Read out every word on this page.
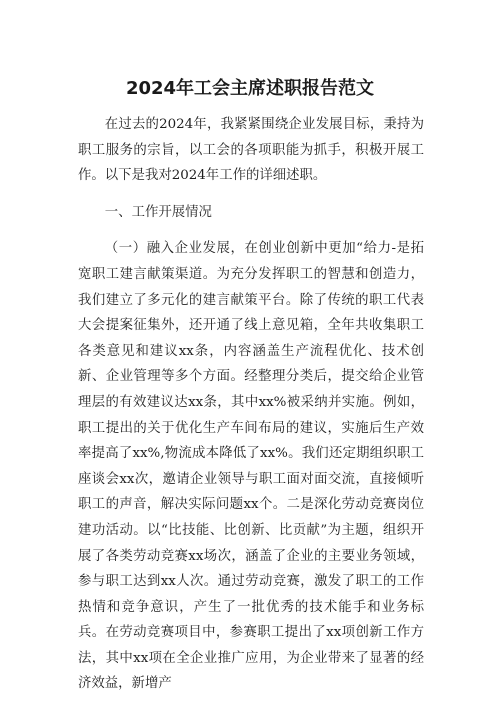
2024年工会主席述职报告范文

在过去的2024年，我紧紧围绕企业发展目标，秉持为职工服务的宗旨，以工会的各项职能为抓手，积极开展工作。以下是我对2024年工作的详细述职。

一、工作开展情况

（一）融入企业发展，在创业创新中更加“给力-是拓宽职工建言献策渠道。为充分发挥职工的智慧和创造力，我们建立了多元化的建言献策平台。除了传统的职工代表大会提案征集外，还开通了线上意见箱，全年共收集职工各类意见和建议xx条，内容涵盖生产流程优化、技术创新、企业管理等多个方面。经整理分类后，提交给企业管理层的有效建议达xx条，其中xx%被采纳并实施。例如，职工提出的关于优化生产车间布局的建议，实施后生产效率提高了xx%,物流成本降低了xx%。我们还定期组织职工座谈会xx次，邀请企业领导与职工面对面交流，直接倾听职工的声音，解决实际问题xx个。二是深化劳动竞赛岗位建功活动。以“比技能、比创新、比贡献”为主题，组织开展了各类劳动竞赛xx场次，涵盖了企业的主要业务领域，参与职工达到xx人次。通过劳动竞赛，激发了职工的工作热情和竞争意识，产生了一批优秀的技术能手和业务标兵。在劳动竞赛项目中，参赛职工提出了xx项创新工作方法，其中xx项在全企业推广应用，为企业带来了显著的经济效益，新增产
